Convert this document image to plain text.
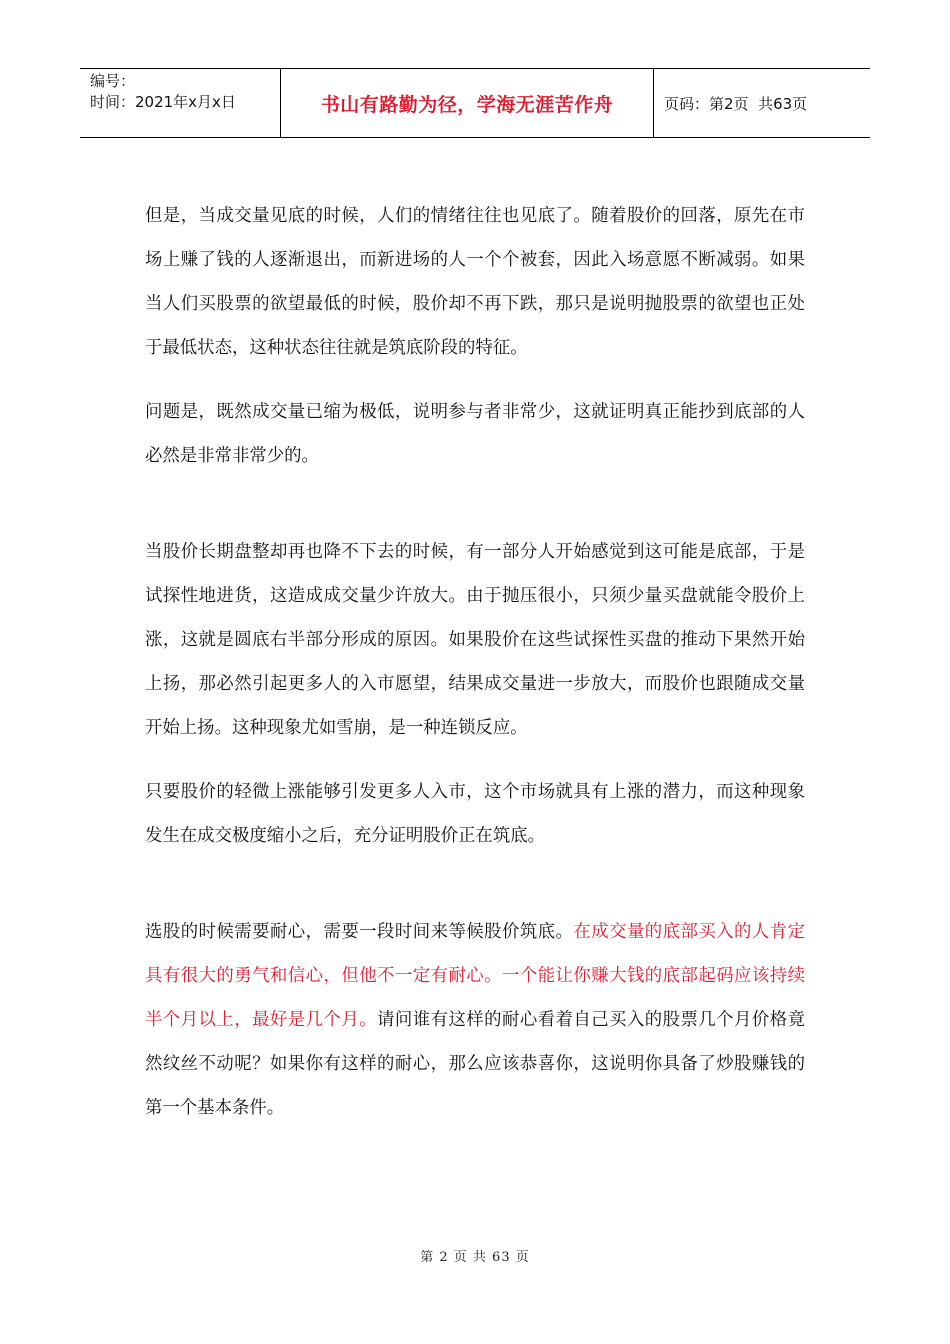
编号：
时间：2021年x月x日	书山有路勤为径，学海无涯苦作舟	页码：第2页  共63页

但是，当成交量见底的时候，人们的情绪往往也见底了。随着股价的回落，原先在市场上赚了钱的人逐渐退出，而新进场的人一个个被套，因此入场意愿不断减弱。如果当人们买股票的欲望最低的时候，股价却不再下跌，那只是说明抛股票的欲望也正处于最低状态，这种状态往往就是筑底阶段的特征。

问题是，既然成交量已缩为极低，说明参与者非常少，这就证明真正能抄到底部的人必然是非常非常少的。

当股价长期盘整却再也降不下去的时候，有一部分人开始感觉到这可能是底部，于是试探性地进货，这造成成交量少许放大。由于抛压很小，只须少量买盘就能令股价上涨，这就是圆底右半部分形成的原因。如果股价在这些试探性买盘的推动下果然开始上扬，那必然引起更多人的入市愿望，结果成交量进一步放大，而股价也跟随成交量开始上扬。这种现象尤如雪崩，是一种连锁反应。

只要股价的轻微上涨能够引发更多人入市，这个市场就具有上涨的潜力，而这种现象发生在成交极度缩小之后，充分证明股价正在筑底。

选股的时候需要耐心，需要一段时间来等候股价筑底。在成交量的底部买入的人肯定具有很大的勇气和信心，但他不一定有耐心。一个能让你赚大钱的底部起码应该持续半个月以上，最好是几个月。请问谁有这样的耐心看着自己买入的股票几个月价格竟然纹丝不动呢？如果你有这样的耐心，那么应该恭喜你，这说明你具备了炒股赚钱的第一个基本条件。

第 2 页 共 63 页
